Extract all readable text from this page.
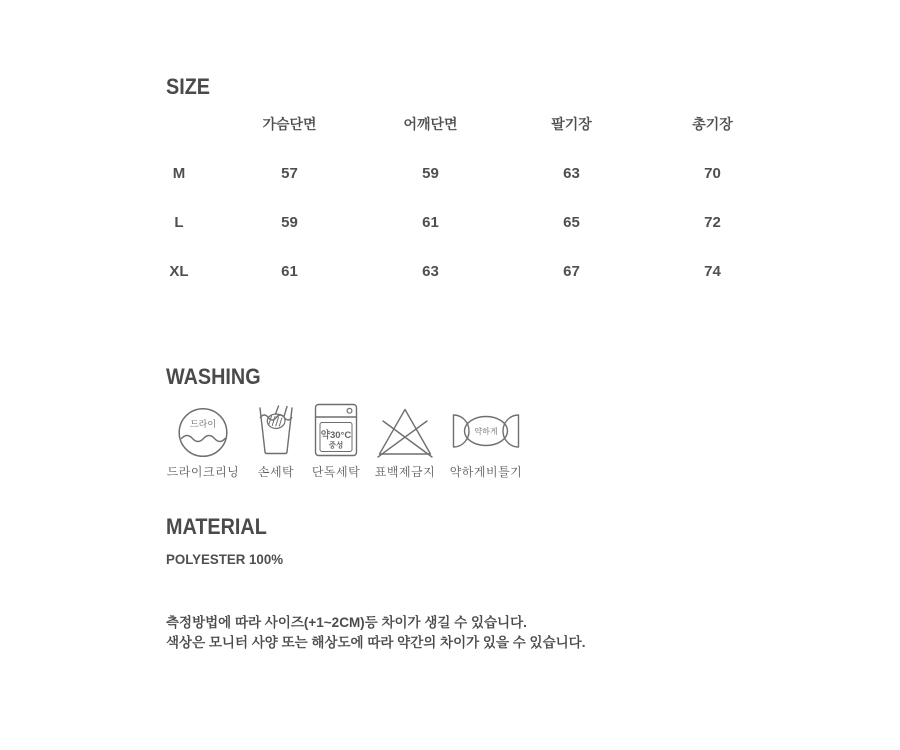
SIZE
가슴단면	어깨단면	팔기장	총기장
M	57	59	63	70
L	59	61	65	72
XL	61	63	67	74
WASHING
드라이
드라이크리닝 손세탁
약30°C
중성
단독세탁 표백제금지
약하게
약하게비틀기
MATERIAL
POLYESTER 100%

측정방법에 따라 사이즈(+1~2CM)등 차이가 생길 수 있습니다.

색상은 모니터 사양 또는 해상도에 따라 약간의 차이가 있을 수 있습니다.
